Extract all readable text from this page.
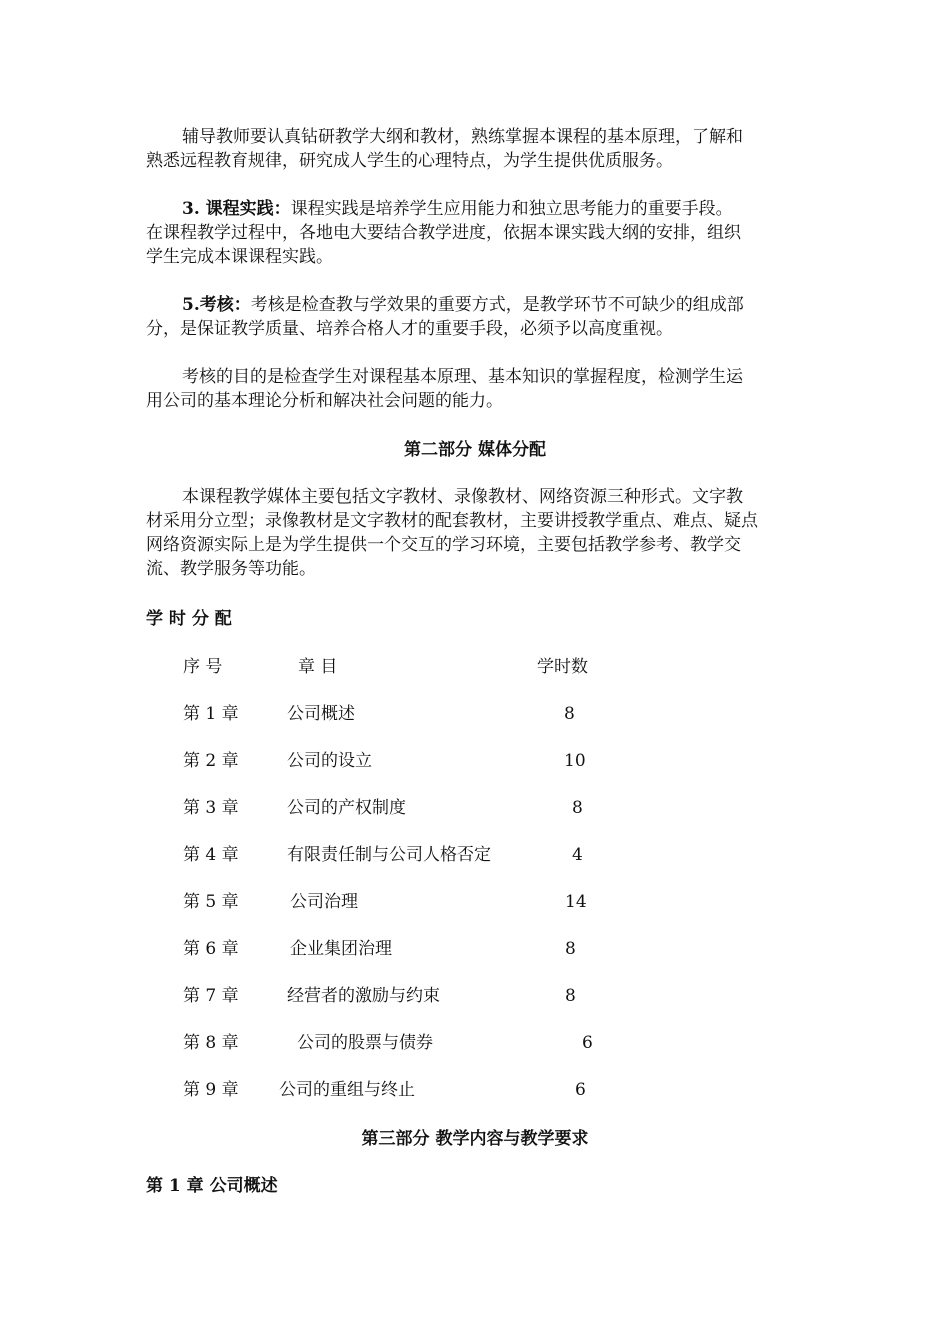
辅导教师要认真钻研教学大纲和教材，熟练掌握本课程的基本原理，了解和
熟悉远程教育规律，研究成人学生的心理特点，为学生提供优质服务。
3. 课程实践：课程实践是培养学生应用能力和独立思考能力的重要手段。
在课程教学过程中，各地电大要结合教学进度，依据本课实践大纲的安排，组织
学生完成本课课程实践。
5.考核：考核是检查教与学效果的重要方式，是教学环节不可缺少的组成部
分，是保证教学质量、培养合格人才的重要手段，必须予以高度重视。
考核的目的是检查学生对课程基本原理、基本知识的掌握程度，检测学生运
用公司的基本理论分析和解决社会问题的能力。
第二部分 媒体分配
本课程教学媒体主要包括文字教材、录像教材、网络资源三种形式。文字教
材采用分立型；录像教材是文字教材的配套教材，主要讲授教学重点、难点、疑点
网络资源实际上是为学生提供一个交互的学习环境，主要包括教学参考、教学交
流、教学服务等功能。
学 时 分 配
序 号	章 目	学时数
第 1 章	公司概述	8
第 2 章	公司的设立	10
第 3 章	公司的产权制度	8
第 4 章	有限责任制与公司人格否定	4
第 5 章	公司治理	14
第 6 章	企业集团治理	8
第 7 章	经营者的激励与约束	8
第 8 章	公司的股票与债券	6
第 9 章 公司的重组与终止	6
第三部分 教学内容与教学要求
第 1 章 公司概述
